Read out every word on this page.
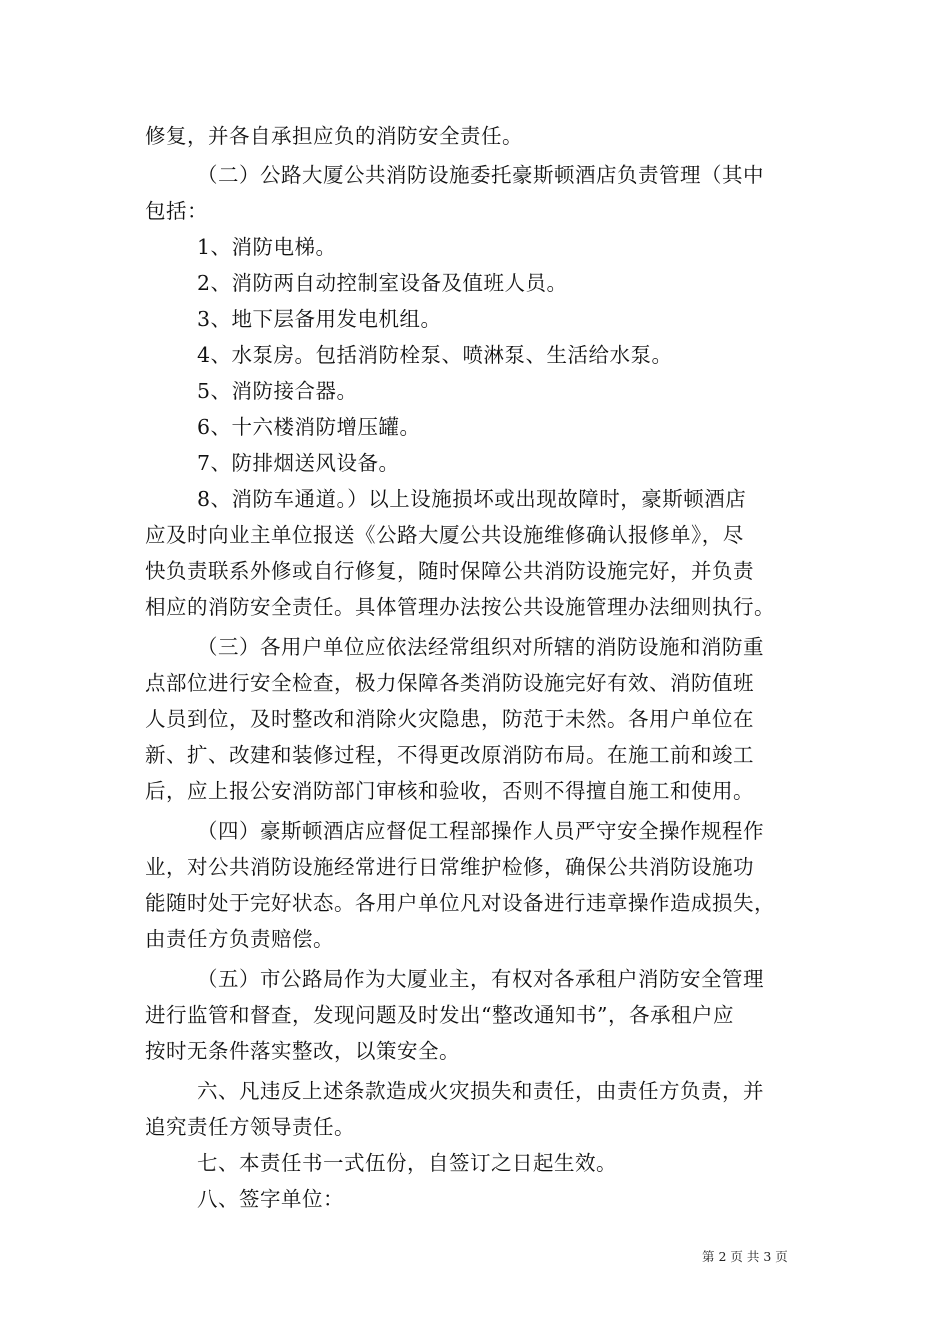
修复，并各自承担应负的消防安全责任。
（二）公路大厦公共消防设施委托豪斯顿酒店负责管理（其中
包括：
1、消防电梯。
2、消防两自动控制室设备及值班人员。
3、地下层备用发电机组。
4、水泵房。包括消防栓泵、喷淋泵、生活给水泵。
5、消防接合器。
6、十六楼消防增压罐。
7、防排烟送风设备。
8、消防车通道。）以上设施损坏或出现故障时，豪斯顿酒店
应及时向业主单位报送《公路大厦公共设施维修确认报修单》，尽
快负责联系外修或自行修复，随时保障公共消防设施完好，并负责
相应的消防安全责任。具体管理办法按公共设施管理办法细则执行。
（三）各用户单位应依法经常组织对所辖的消防设施和消防重
点部位进行安全检查，极力保障各类消防设施完好有效、消防值班
人员到位，及时整改和消除火灾隐患，防范于未然。各用户单位在
新、扩、改建和装修过程，不得更改原消防布局。在施工前和竣工
后，应上报公安消防部门审核和验收，否则不得擅自施工和使用。
（四）豪斯顿酒店应督促工程部操作人员严守安全操作规程作
业，对公共消防设施经常进行日常维护检修，确保公共消防设施功
能随时处于完好状态。各用户单位凡对设备进行违章操作造成损失，
由责任方负责赔偿。
（五）市公路局作为大厦业主，有权对各承租户消防安全管理
进行监管和督查，发现问题及时发出“整改通知书”，各承租户应
按时无条件落实整改，以策安全。
六、凡违反上述条款造成火灾损失和责任，由责任方负责，并
追究责任方领导责任。
七、本责任书一式伍份，自签订之日起生效。
八、签字单位：
第 2 页 共 3 页
